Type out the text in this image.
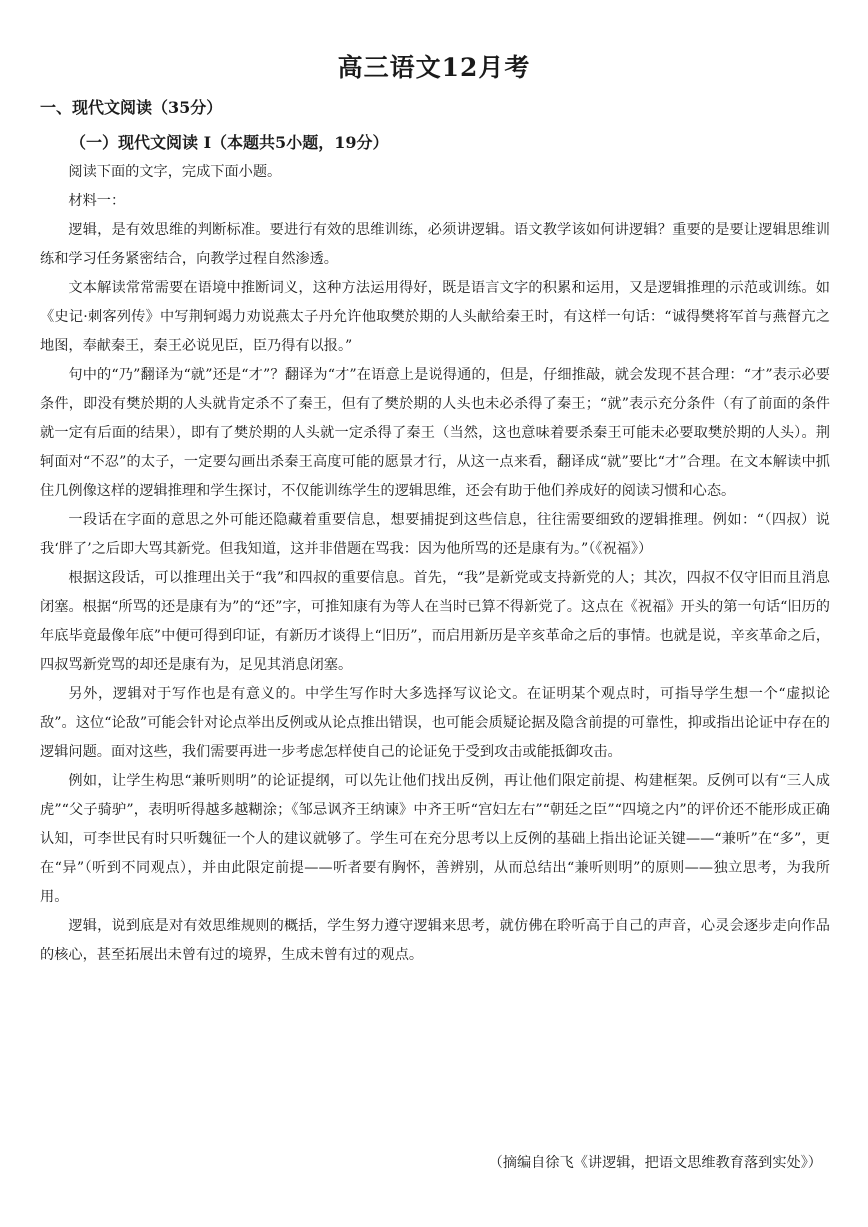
高三语文12月考
一、现代文阅读（35分）
（一）现代文阅读 I（本题共5小题，19分）

阅读下面的文字，完成下面小题。

材料一：

逻辑，是有效思维的判断标准。要进行有效的思维训练，必须讲逻辑。语文教学该如何讲逻辑？重要的是要让逻辑思维训练和学习任务紧密结合，向教学过程自然渗透。

文本解读常常需要在语境中推断词义，这种方法运用得好，既是语言文字的积累和运用，又是逻辑推理的示范或训练。如《史记·刺客列传》中写荆轲竭力劝说燕太子丹允许他取樊於期的人头献给秦王时，有这样一句话：“诚得樊将军首与燕督亢之地图，奉献秦王，秦王必说见臣，臣乃得有以报。”

句中的“乃”翻译为“就”还是“才”？翻译为“才”在语意上是说得通的，但是，仔细推敲，就会发现不甚合理：“才”表示必要条件，即没有樊於期的人头就肯定杀不了秦王，但有了樊於期的人头也未必杀得了秦王；“就”表示充分条件（有了前面的条件就一定有后面的结果），即有了樊於期的人头就一定杀得了秦王（当然，这也意味着要杀秦王可能未必要取樊於期的人头）。荆轲面对“不忍”的太子，一定要勾画出杀秦王高度可能的愿景才行，从这一点来看，翻译成“就”要比“才”合理。在文本解读中抓住几例像这样的逻辑推理和学生探讨，不仅能训练学生的逻辑思维，还会有助于他们养成好的阅读习惯和心态。

一段话在字面的意思之外可能还隐藏着重要信息，想要捕捉到这些信息，往往需要细致的逻辑推理。例如：“（四叔）说我‘胖了’之后即大骂其新党。但我知道，这并非借题在骂我：因为他所骂的还是康有为。”（《祝福》）

根据这段话，可以推理出关于“我”和四叔的重要信息。首先，“我”是新党或支持新党的人；其次，四叔不仅守旧而且消息闭塞。根据“所骂的还是康有为”的“还”字，可推知康有为等人在当时已算不得新党了。这点在《祝福》开头的第一句话“旧历的年底毕竟最像年底”中便可得到印证，有新历才谈得上“旧历”，而启用新历是辛亥革命之后的事情。也就是说，辛亥革命之后，四叔骂新党骂的却还是康有为，足见其消息闭塞。

另外，逻辑对于写作也是有意义的。中学生写作时大多选择写议论文。在证明某个观点时，可指导学生想一个“虚拟论敌”。这位“论敌”可能会针对论点举出反例或从论点推出错误，也可能会质疑论据及隐含前提的可靠性，抑或指出论证中存在的逻辑问题。面对这些，我们需要再进一步考虑怎样使自己的论证免于受到攻击或能抵御攻击。

例如，让学生构思“兼听则明”的论证提纲，可以先让他们找出反例，再让他们限定前提、构建框架。反例可以有“三人成虎”“父子骑驴”，表明听得越多越糊涂；《邹忌讽齐王纳谏》中齐王听“宫妇左右”“朝廷之臣”“四境之内”的评价还不能形成正确认知，可李世民有时只听魏征一个人的建议就够了。学生可在充分思考以上反例的基础上指出论证关键——“兼听”在“多”，更在“异”（听到不同观点），并由此限定前提——听者要有胸怀，善辨别，从而总结出“兼听则明”的原则——独立思考，为我所用。

逻辑，说到底是对有效思维规则的概括，学生努力遵守逻辑来思考，就仿佛在聆听高于自己的声音，心灵会逐步走向作品的核心，甚至拓展出未曾有过的境界，生成未曾有过的观点。

（摘编自徐飞《讲逻辑，把语文思维教育落到实处》）
